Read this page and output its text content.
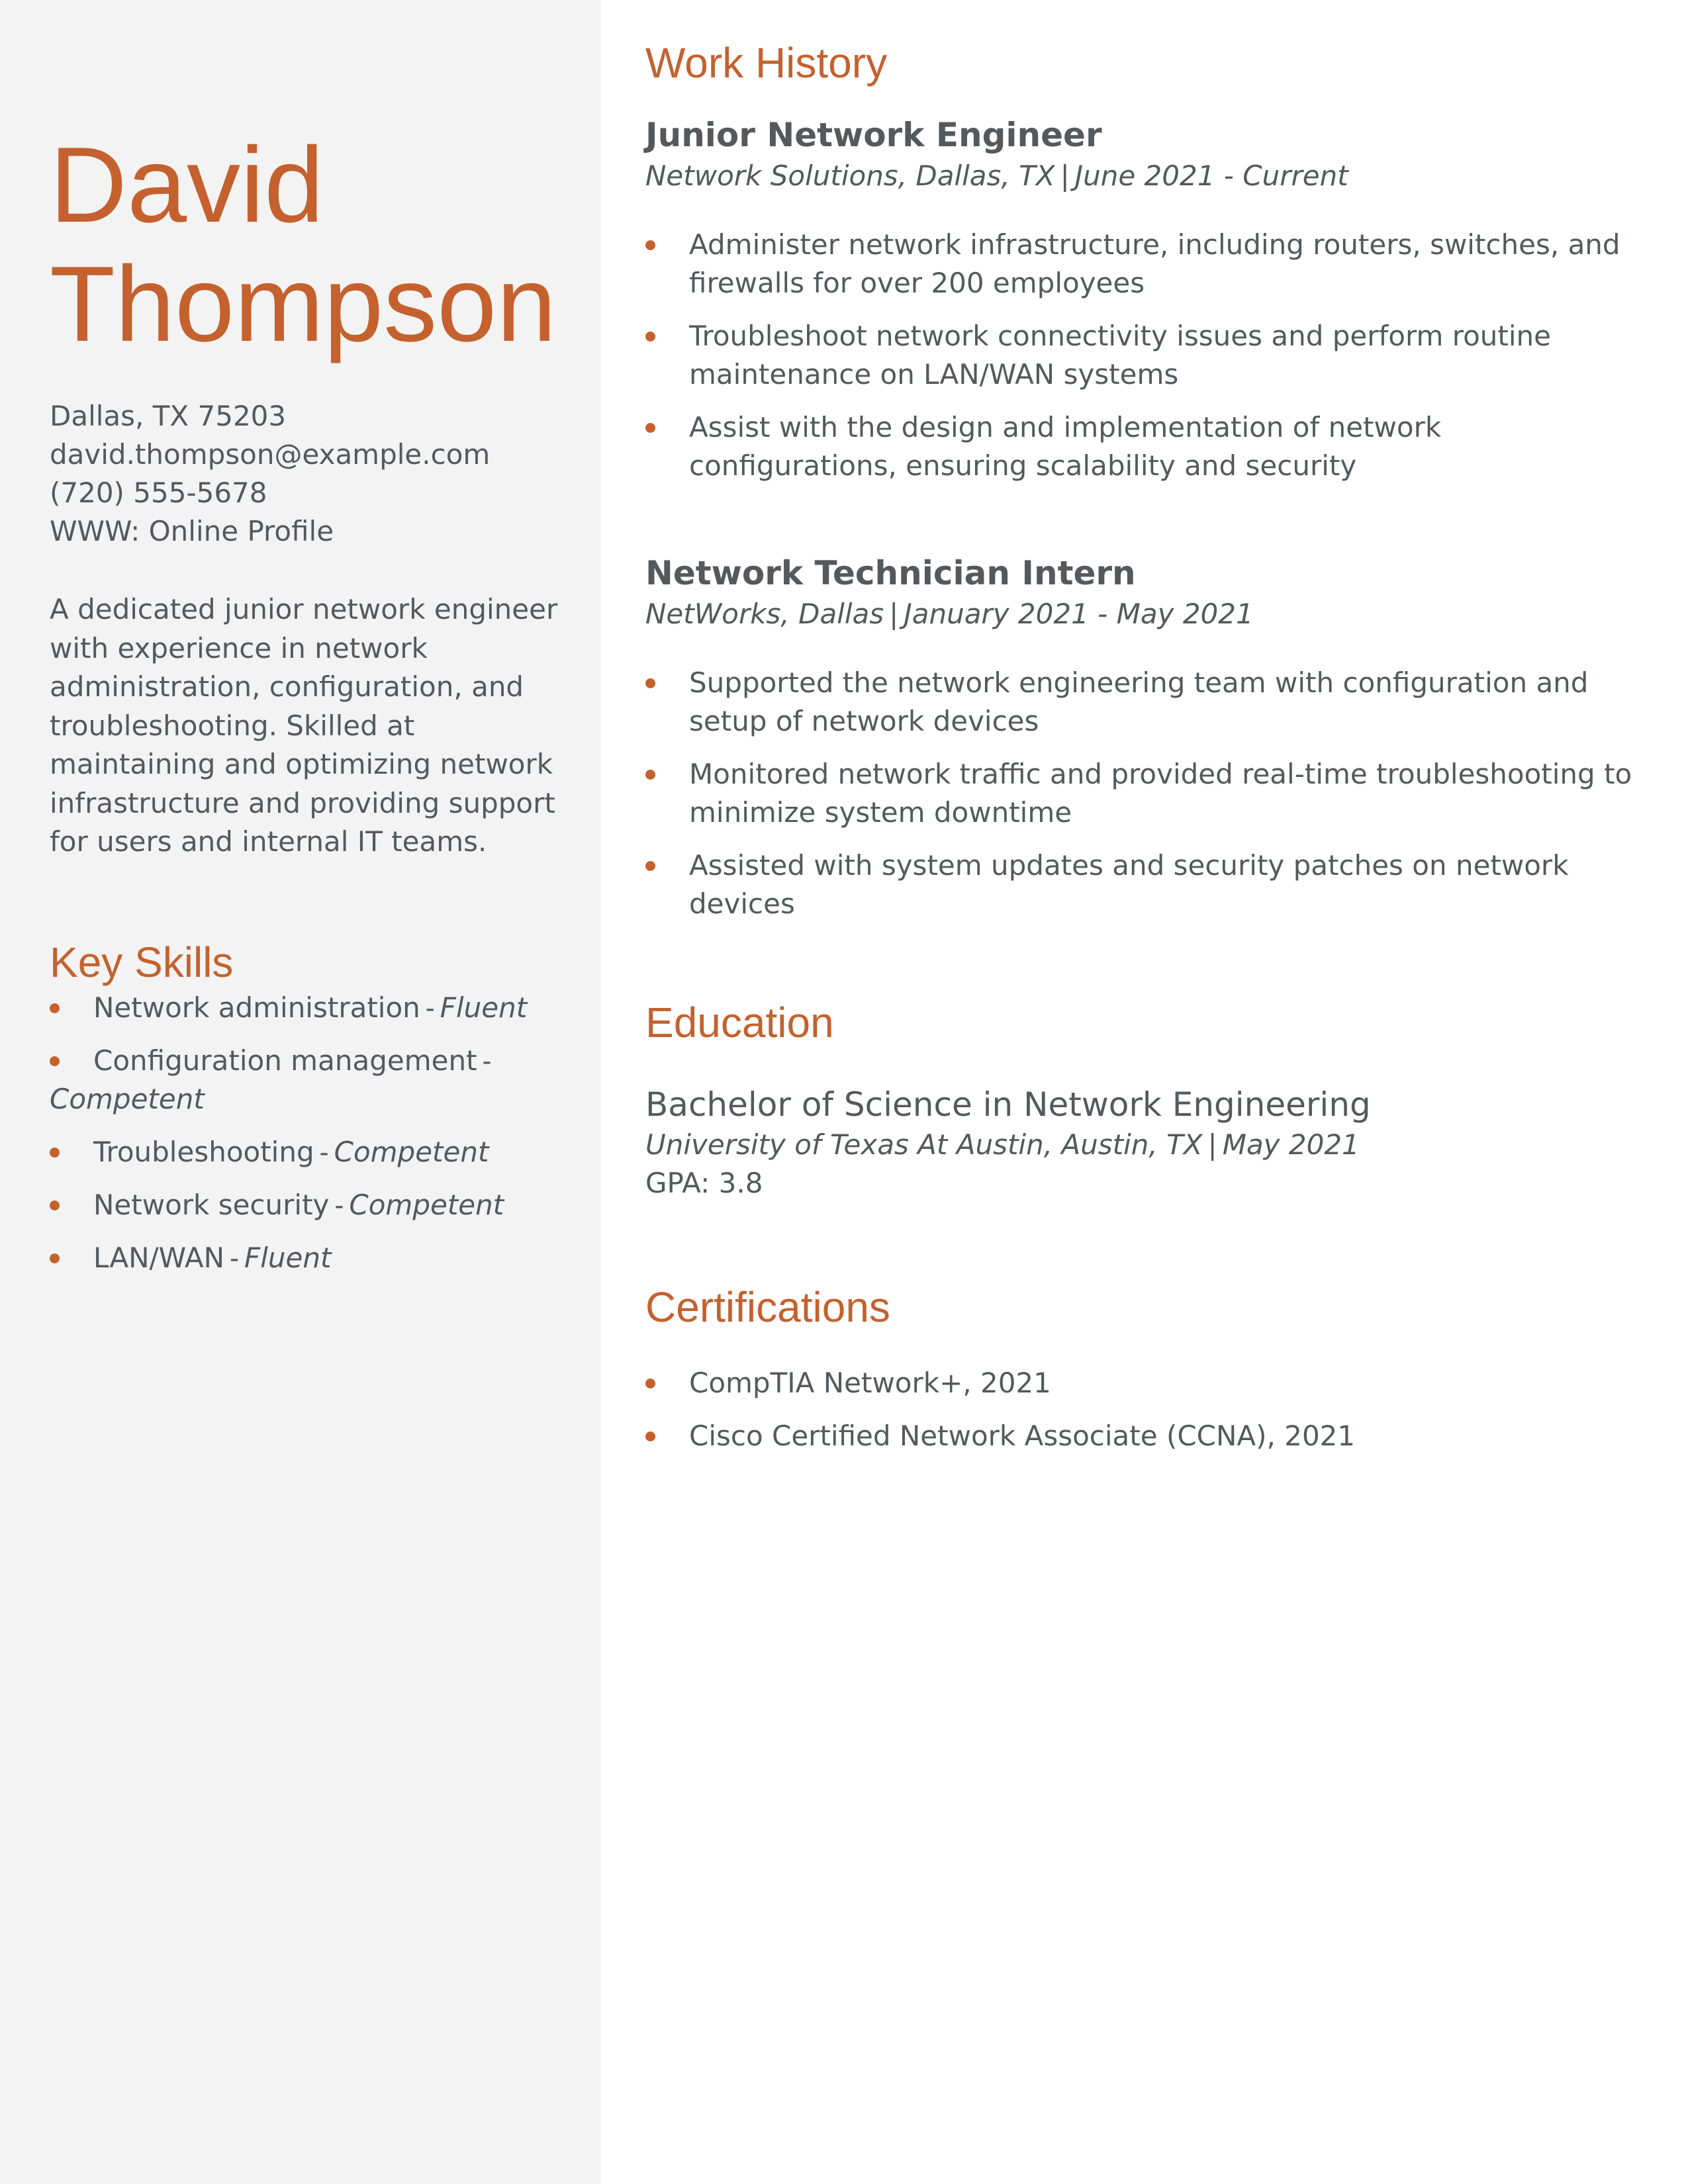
David
Thompson
Dallas, TX 75203
david.thompson@example.com
(720) 555-5678
WWW: Online Profile
A dedicated junior network engineer with experience in network administration, configuration, and troubleshooting. Skilled at maintaining and optimizing network infrastructure and providing support for users and internal IT teams.
Key Skills
Network administration - Fluent
Configuration management -
Competent
Troubleshooting - Competent
Network security - Competent
LAN/WAN - Fluent
Work History
Junior Network Engineer
Network Solutions, Dallas, TX | June 2021 - Current
Administer network infrastructure, including routers, switches, and firewalls for over 200 employees
Troubleshoot network connectivity issues and perform routine maintenance on LAN/WAN systems
Assist with the design and implementation of network configurations, ensuring scalability and security
Network Technician Intern
NetWorks, Dallas | January 2021 - May 2021
Supported the network engineering team with configuration and setup of network devices
Monitored network traffic and provided real-time troubleshooting to minimize system downtime
Assisted with system updates and security patches on network devices
Education
Bachelor of Science in Network Engineering
University of Texas At Austin, Austin, TX | May 2021
GPA: 3.8
Certifications
CompTIA Network+, 2021
Cisco Certified Network Associate (CCNA), 2021
